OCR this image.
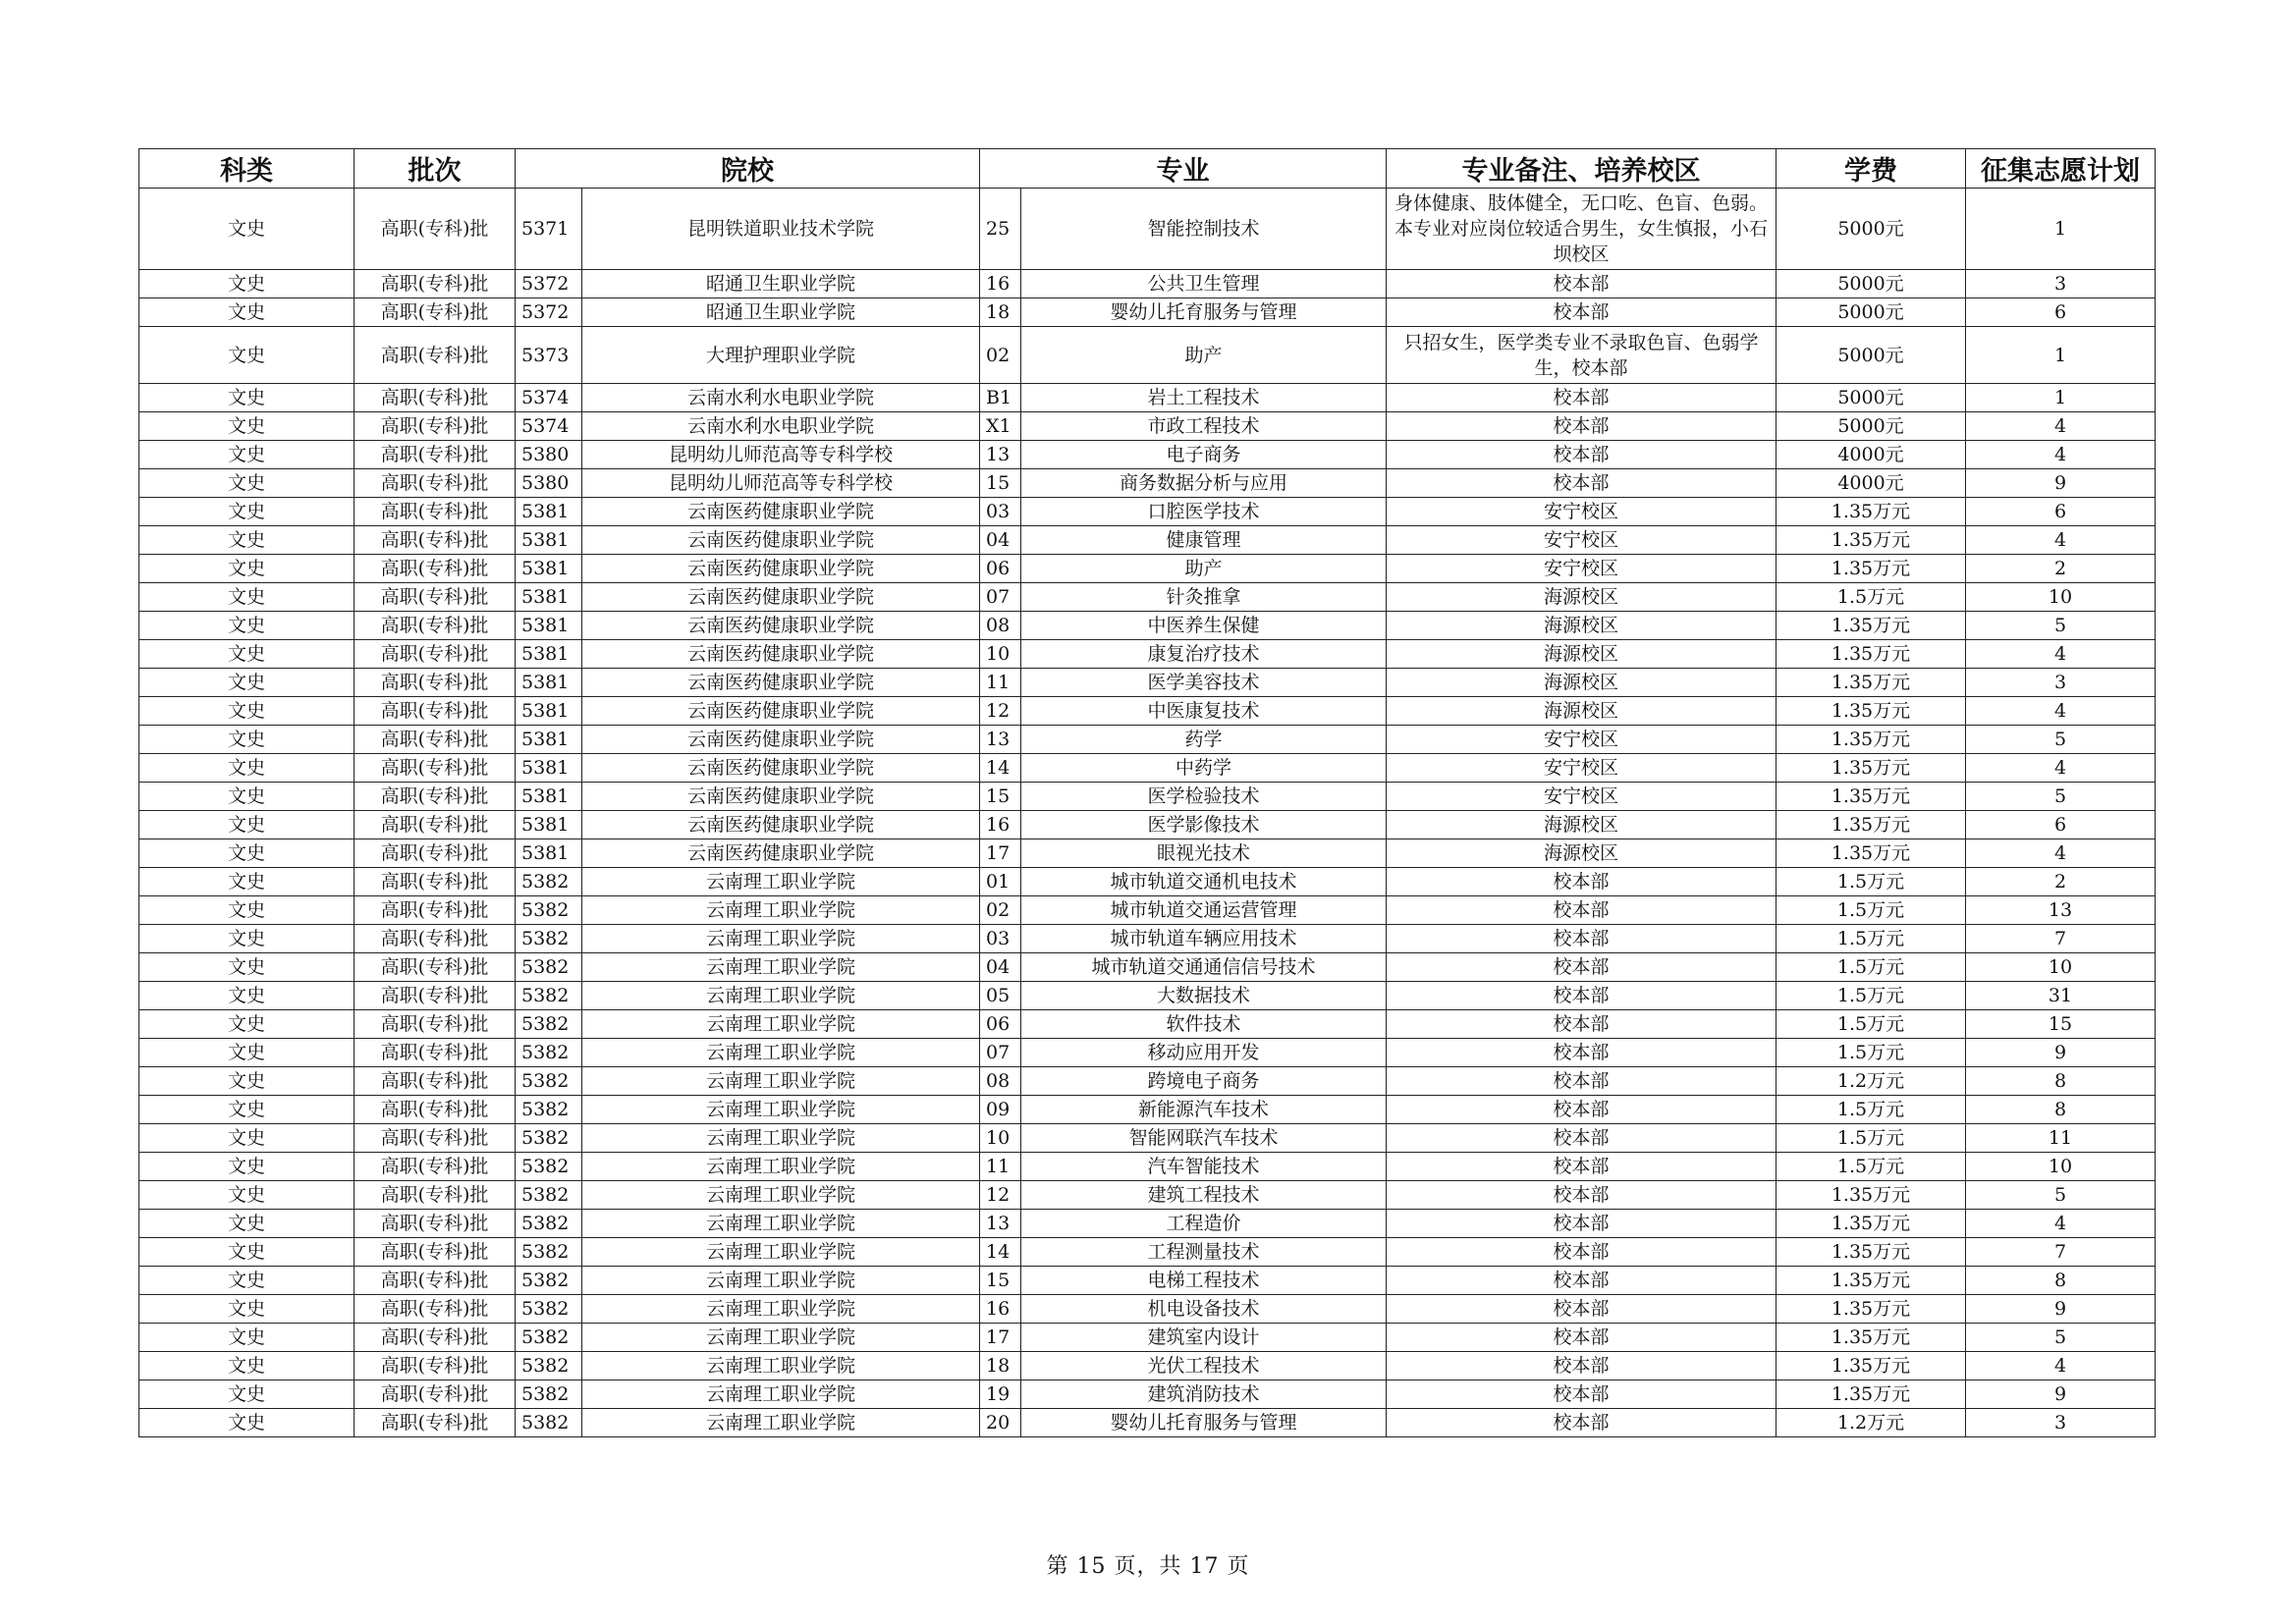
科类	批次	院校		专业		专业备注、培养校区	学费	征集志愿计划
文史	高职(专科)批	5371	昆明铁道职业技术学院	25	智能控制技术	身体健康、肢体健全，无口吃、色盲、色弱。本专业对应岗位较适合男生，女生慎报，小石坝校区	5000元	1
文史	高职(专科)批	5372	昭通卫生职业学院	16	公共卫生管理	校本部	5000元	3
文史	高职(专科)批	5372	昭通卫生职业学院	18	婴幼儿托育服务与管理	校本部	5000元	6
文史	高职(专科)批	5373	大理护理职业学院	02	助产	只招女生，医学类专业不录取色盲、色弱学生，校本部	5000元	1
文史	高职(专科)批	5374	云南水利水电职业学院	B1	岩土工程技术	校本部	5000元	1
文史	高职(专科)批	5374	云南水利水电职业学院	X1	市政工程技术	校本部	5000元	4
文史	高职(专科)批	5380	昆明幼儿师范高等专科学校	13	电子商务	校本部	4000元	4
文史	高职(专科)批	5380	昆明幼儿师范高等专科学校	15	商务数据分析与应用	校本部	4000元	9
文史	高职(专科)批	5381	云南医药健康职业学院	03	口腔医学技术	安宁校区	1.35万元	6
文史	高职(专科)批	5381	云南医药健康职业学院	04	健康管理	安宁校区	1.35万元	4
文史	高职(专科)批	5381	云南医药健康职业学院	06	助产	安宁校区	1.35万元	2
文史	高职(专科)批	5381	云南医药健康职业学院	07	针灸推拿	海源校区	1.5万元	10
文史	高职(专科)批	5381	云南医药健康职业学院	08	中医养生保健	海源校区	1.35万元	5
文史	高职(专科)批	5381	云南医药健康职业学院	10	康复治疗技术	海源校区	1.35万元	4
文史	高职(专科)批	5381	云南医药健康职业学院	11	医学美容技术	海源校区	1.35万元	3
文史	高职(专科)批	5381	云南医药健康职业学院	12	中医康复技术	海源校区	1.35万元	4
文史	高职(专科)批	5381	云南医药健康职业学院	13	药学	安宁校区	1.35万元	5
文史	高职(专科)批	5381	云南医药健康职业学院	14	中药学	安宁校区	1.35万元	4
文史	高职(专科)批	5381	云南医药健康职业学院	15	医学检验技术	安宁校区	1.35万元	5
文史	高职(专科)批	5381	云南医药健康职业学院	16	医学影像技术	海源校区	1.35万元	6
文史	高职(专科)批	5381	云南医药健康职业学院	17	眼视光技术	海源校区	1.35万元	4
文史	高职(专科)批	5382	云南理工职业学院	01	城市轨道交通机电技术	校本部	1.5万元	2
文史	高职(专科)批	5382	云南理工职业学院	02	城市轨道交通运营管理	校本部	1.5万元	13
文史	高职(专科)批	5382	云南理工职业学院	03	城市轨道车辆应用技术	校本部	1.5万元	7
文史	高职(专科)批	5382	云南理工职业学院	04	城市轨道交通通信信号技术	校本部	1.5万元	10
文史	高职(专科)批	5382	云南理工职业学院	05	大数据技术	校本部	1.5万元	31
文史	高职(专科)批	5382	云南理工职业学院	06	软件技术	校本部	1.5万元	15
文史	高职(专科)批	5382	云南理工职业学院	07	移动应用开发	校本部	1.5万元	9
文史	高职(专科)批	5382	云南理工职业学院	08	跨境电子商务	校本部	1.2万元	8
文史	高职(专科)批	5382	云南理工职业学院	09	新能源汽车技术	校本部	1.5万元	8
文史	高职(专科)批	5382	云南理工职业学院	10	智能网联汽车技术	校本部	1.5万元	11
文史	高职(专科)批	5382	云南理工职业学院	11	汽车智能技术	校本部	1.5万元	10
文史	高职(专科)批	5382	云南理工职业学院	12	建筑工程技术	校本部	1.35万元	5
文史	高职(专科)批	5382	云南理工职业学院	13	工程造价	校本部	1.35万元	4
文史	高职(专科)批	5382	云南理工职业学院	14	工程测量技术	校本部	1.35万元	7
文史	高职(专科)批	5382	云南理工职业学院	15	电梯工程技术	校本部	1.35万元	8
文史	高职(专科)批	5382	云南理工职业学院	16	机电设备技术	校本部	1.35万元	9
文史	高职(专科)批	5382	云南理工职业学院	17	建筑室内设计	校本部	1.35万元	5
文史	高职(专科)批	5382	云南理工职业学院	18	光伏工程技术	校本部	1.35万元	4
文史	高职(专科)批	5382	云南理工职业学院	19	建筑消防技术	校本部	1.35万元	9
文史	高职(专科)批	5382	云南理工职业学院	20	婴幼儿托育服务与管理	校本部	1.2万元	3
第 15 页，共 17 页
